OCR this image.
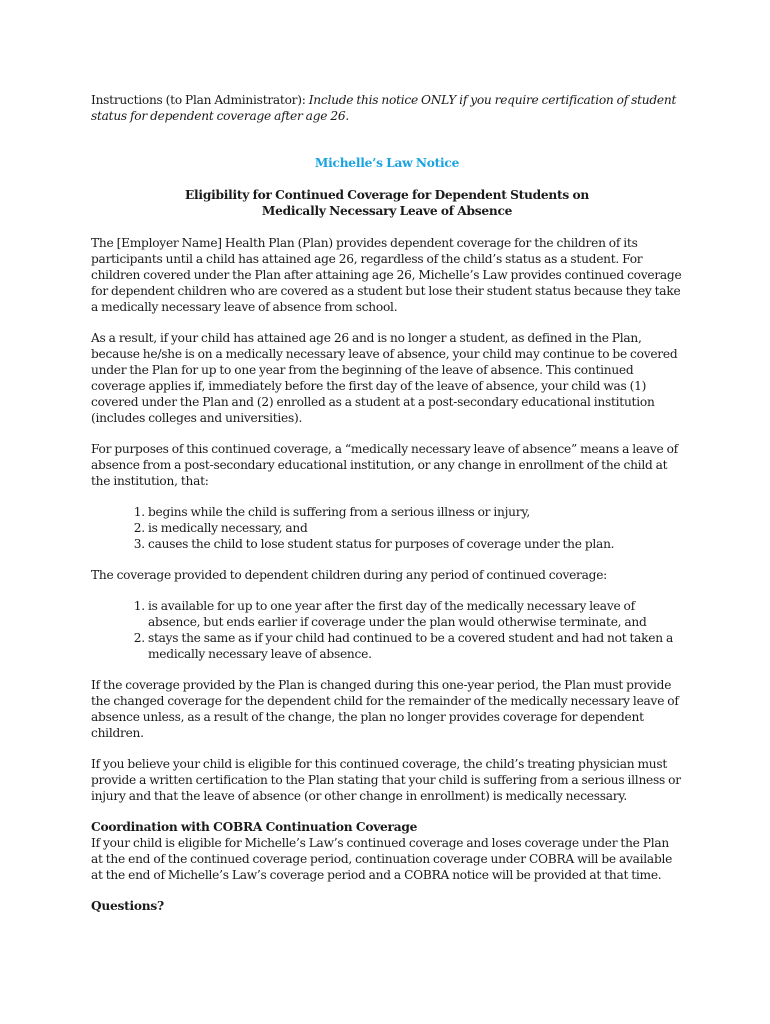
Instructions (to Plan Administrator): Include this notice ONLY if you require certification of student status for dependent coverage after age 26.

Michelle’s Law Notice

Eligibility for Continued Coverage for Dependent Students on
Medically Necessary Leave of Absence

The [Employer Name] Health Plan (Plan) provides dependent coverage for the children of its participants until a child has attained age 26, regardless of the child’s status as a student. For children covered under the Plan after attaining age 26, Michelle’s Law provides continued coverage for dependent children who are covered as a student but lose their student status because they take a medically necessary leave of absence from school.

As a result, if your child has attained age 26 and is no longer a student, as defined in the Plan, because he/she is on a medically necessary leave of absence, your child may continue to be covered under the Plan for up to one year from the beginning of the leave of absence. This continued coverage applies if, immediately before the first day of the leave of absence, your child was (1) covered under the Plan and (2) enrolled as a student at a post-secondary educational institution (includes colleges and universities).

For purposes of this continued coverage, a “medically necessary leave of absence” means a leave of absence from a post-secondary educational institution, or any change in enrollment of the child at the institution, that:

1. begins while the child is suffering from a serious illness or injury,
2. is medically necessary, and
3. causes the child to lose student status for purposes of coverage under the plan.

The coverage provided to dependent children during any period of continued coverage:

1. is available for up to one year after the first day of the medically necessary leave of absence, but ends earlier if coverage under the plan would otherwise terminate, and
2. stays the same as if your child had continued to be a covered student and had not taken a medically necessary leave of absence.

If the coverage provided by the Plan is changed during this one-year period, the Plan must provide the changed coverage for the dependent child for the remainder of the medically necessary leave of absence unless, as a result of the change, the plan no longer provides coverage for dependent children.

If you believe your child is eligible for this continued coverage, the child’s treating physician must provide a written certification to the Plan stating that your child is suffering from a serious illness or injury and that the leave of absence (or other change in enrollment) is medically necessary.

Coordination with COBRA Continuation Coverage

If your child is eligible for Michelle’s Law’s continued coverage and loses coverage under the Plan at the end of the continued coverage period, continuation coverage under COBRA will be available at the end of Michelle’s Law’s coverage period and a COBRA notice will be provided at that time.

Questions?
